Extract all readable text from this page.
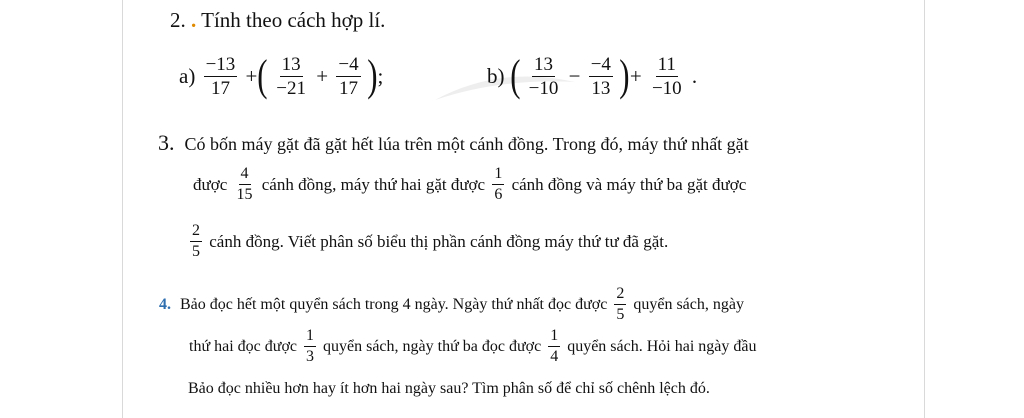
2. . Tính theo cách hợp lí.
$a) \frac{-13}{17}$ +( $\frac{13}{-21} + \frac{-4}{17}$ );	b) ( $\frac{13}{-10} - \frac{-4}{13}$ )+ $\frac{11}{-10}$ .
3. Có bốn máy gặt đã gặt hết lúa trên một cánh đồng. Trong đó, máy thứ nhất gặt
được $\frac{4}{15}$ cánh đồng, máy thứ hai gặt được $\frac{1}{6}$ cánh đồng và máy thứ ba gặt được
$\frac{2}{5}$ cánh đồng. Viết phân số biểu thị phần cánh đồng máy thứ tư đã gặt.
4. Bảo đọc hết một quyển sách trong 4 ngày. Ngày thứ nhất đọc được $\frac{2}{5}$ quyển sách, ngày
thứ hai đọc được $\frac{1}{3}$ quyển sách, ngày thứ ba đọc được $\frac{1}{4}$ quyển sách. Hỏi hai ngày đầu
Bảo đọc nhiều hơn hay ít hơn hai ngày sau? Tìm phân số để chỉ số chênh lệch đó.
